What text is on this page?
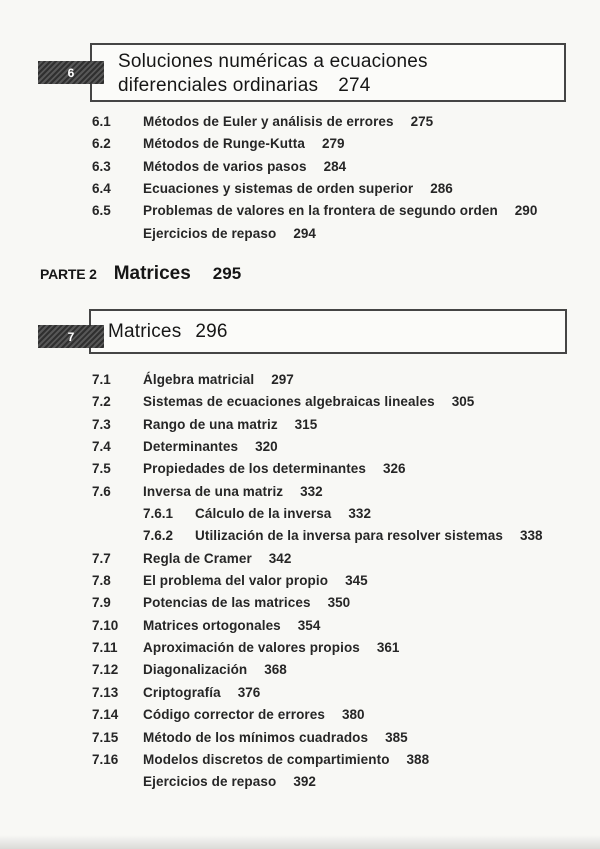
6
Soluciones numéricas a ecuaciones
diferenciales ordinarias 274
6.1	Métodos de Euler y análisis de errores 275
6.2	Métodos de Runge-Kutta 279
6.3	Métodos de varios pasos 284
6.4	Ecuaciones y sistemas de orden superior 286
6.5	Problemas de valores en la frontera de segundo orden 290
Ejercicios de repaso 294
PARTE 2 Matrices 295
7	Matrices 296
7.1	Álgebra matricial 297
7.2	Sistemas de ecuaciones algebraicas lineales 305
7.3	Rango de una matriz 315
7.4	Determinantes 320
7.5	Propiedades de los determinantes 326
7.6	Inversa de una matriz 332
7.6.1	Cálculo de la inversa 332
7.6.2	Utilización de la inversa para resolver sistemas 338
7.7	Regla de Cramer 342
7.8	El problema del valor propio 345
7.9	Potencias de las matrices 350
7.10	Matrices ortogonales 354
7.11	Aproximación de valores propios 361
7.12	Diagonalización 368
7.13	Criptografía 376
7.14	Código corrector de errores 380
7.15	Método de los mínimos cuadrados 385
7.16	Modelos discretos de compartimiento 388
Ejercicios de repaso 392
